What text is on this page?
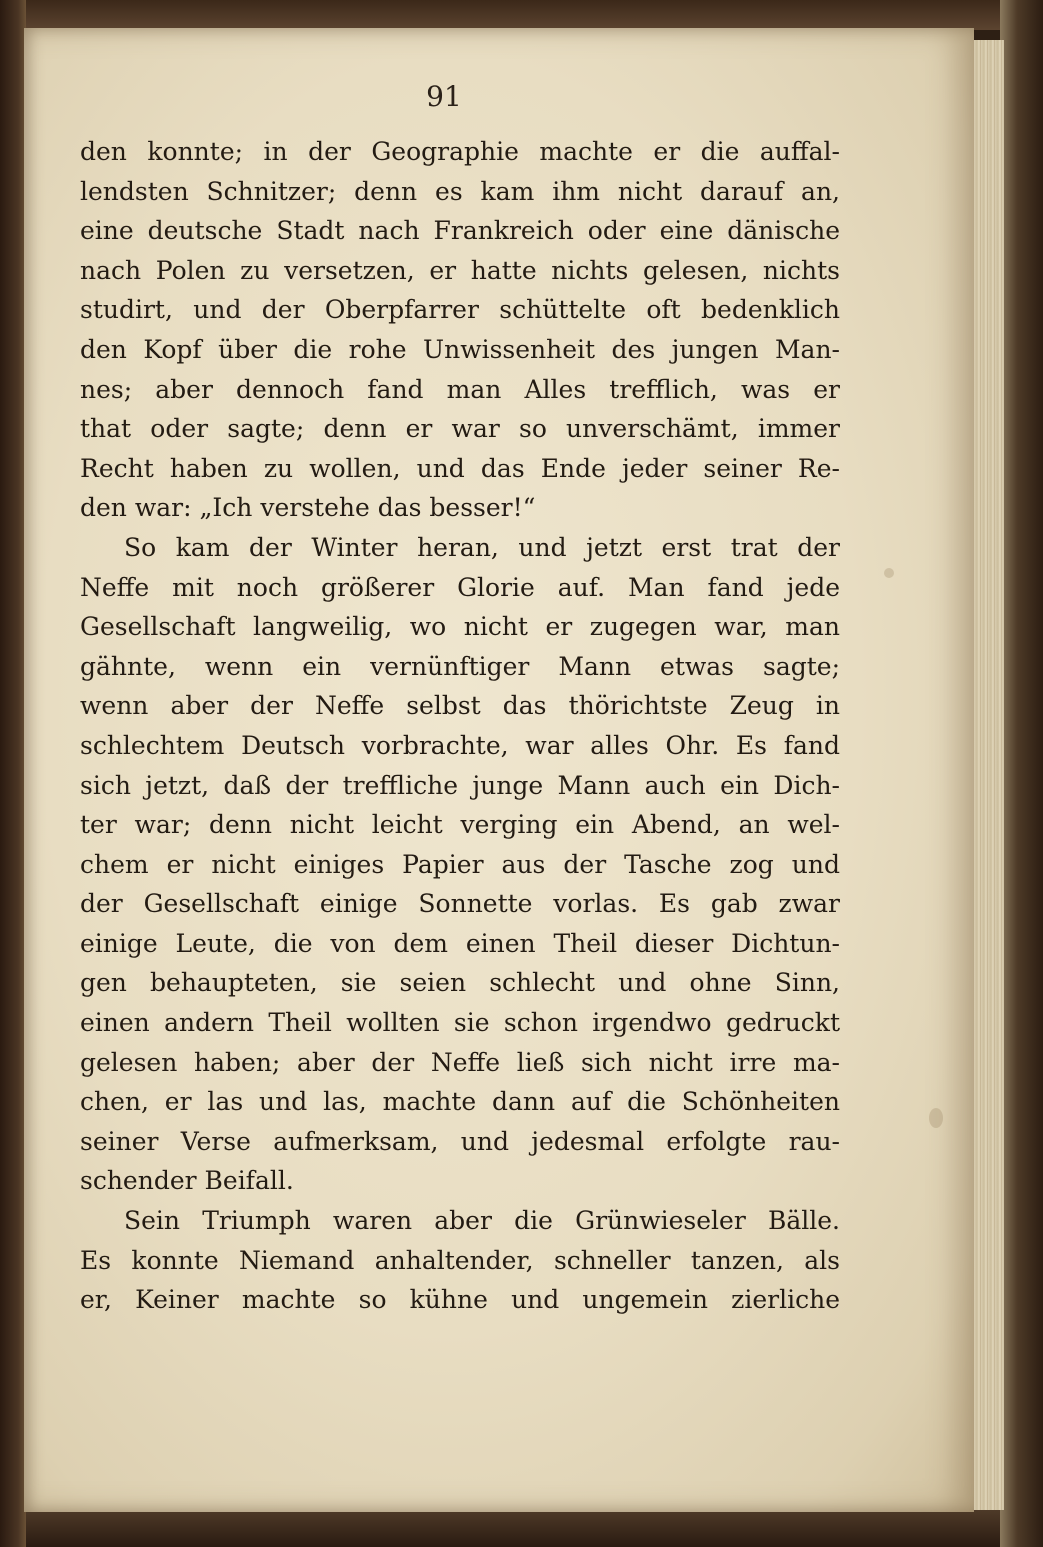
91
den konnte; in der Geographie machte er die auffal-
lendsten Schnitzer; denn es kam ihm nicht darauf an,
eine deutsche Stadt nach Frankreich oder eine dänische
nach Polen zu versetzen, er hatte nichts gelesen, nichts
studirt, und der Oberpfarrer schüttelte oft bedenklich
den Kopf über die rohe Unwissenheit des jungen Man-
nes; aber dennoch fand man Alles trefflich, was er
that oder sagte; denn er war so unverschämt, immer
Recht haben zu wollen, und das Ende jeder seiner Re-
den war: „Ich verstehe das besser!“
So kam der Winter heran, und jetzt erst trat der
Neffe mit noch größerer Glorie auf. Man fand jede
Gesellschaft langweilig, wo nicht er zugegen war, man
gähnte, wenn ein vernünftiger Mann etwas sagte;
wenn aber der Neffe selbst das thörichtste Zeug in
schlechtem Deutsch vorbrachte, war alles Ohr. Es fand
sich jetzt, daß der treffliche junge Mann auch ein Dich-
ter war; denn nicht leicht verging ein Abend, an wel-
chem er nicht einiges Papier aus der Tasche zog und
der Gesellschaft einige Sonnette vorlas. Es gab zwar
einige Leute, die von dem einen Theil dieser Dichtun-
gen behaupteten, sie seien schlecht und ohne Sinn,
einen andern Theil wollten sie schon irgendwo gedruckt
gelesen haben; aber der Neffe ließ sich nicht irre ma-
chen, er las und las, machte dann auf die Schönheiten
seiner Verse aufmerksam, und jedesmal erfolgte rau-
schender Beifall.
Sein Triumph waren aber die Grünwieseler Bälle.
Es konnte Niemand anhaltender, schneller tanzen, als
er, Keiner machte so kühne und ungemein zierliche
